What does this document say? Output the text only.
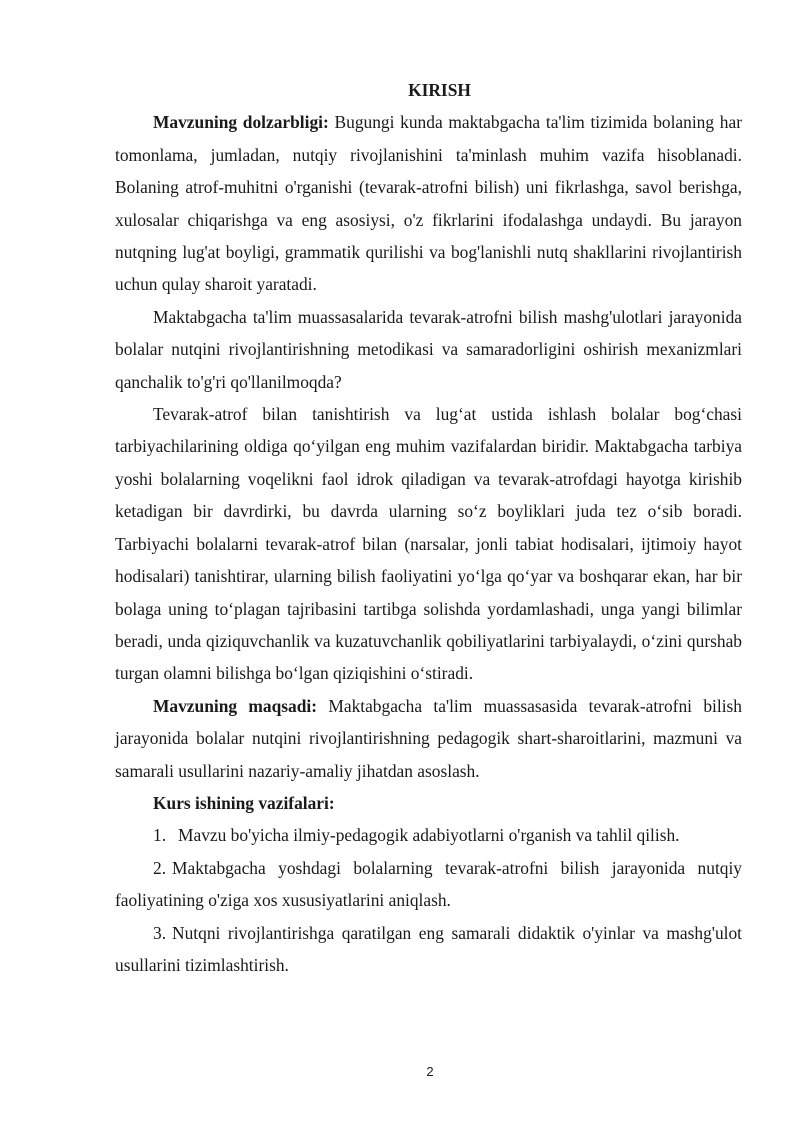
KIRISH

Mavzuning dolzarbligi: Bugungi kunda maktabgacha ta'lim tizimida bolaning har tomonlama, jumladan, nutqiy rivojlanishini ta'minlash muhim vazifa hisoblanadi. Bolaning atrof-muhitni o'rganishi (tevarak-atrofni bilish) uni fikrlashga, savol berishga, xulosalar chiqarishga va eng asosiysi, o'z fikrlarini ifodalashga undaydi. Bu jarayon nutqning lug'at boyligi, grammatik qurilishi va bog'lanishli nutq shakllarini rivojlantirish uchun qulay sharoit yaratadi.

Maktabgacha ta'lim muassasalarida tevarak-atrofni bilish mashg'ulotlari jarayonida bolalar nutqini rivojlantirishning metodikasi va samaradorligini oshirish mexanizmlari qanchalik to'g'ri qo'llanilmoqda?

Tevarak-atrof bilan tanishtirish va lug‘at ustida ishlash bolalar bog‘chasi tarbiyachilarining oldiga qo‘yilgan eng muhim vazifalardan biridir. Maktabgacha tarbiya yoshi bolalarning voqelikni faol idrok qiladigan va tevarak-atrofdagi hayotga kirishib ketadigan bir davrdirki, bu davrda ularning so‘z boyliklari juda tez o‘sib boradi. Tarbiyachi bolalarni tevarak-atrof bilan (narsalar, jonli tabiat hodisalari, ijtimoiy hayot hodisalari) tanishtirar, ularning bilish faoliyatini yo‘lga qo‘yar va boshqarar ekan, har bir bolaga uning to‘plagan tajribasini tartibga solishda yordamlashadi, unga yangi bilimlar beradi, unda qiziquvchanlik va kuzatuvchanlik qobiliyatlarini tarbiyalaydi, o‘zini qurshab turgan olamni bilishga bo‘lgan qiziqishini o‘stiradi.

Mavzuning maqsadi: Maktabgacha ta'lim muassasasida tevarak-atrofni bilish jarayonida bolalar nutqini rivojlantirishning pedagogik shart-sharoitlarini, mazmuni va samarali usullarini nazariy-amaliy jihatdan asoslash.

Kurs ishining vazifalari:

1. Mavzu bo'yicha ilmiy-pedagogik adabiyotlarni o'rganish va tahlil qilish.

2. Maktabgacha yoshdagi bolalarning tevarak-atrofni bilish jarayonida nutqiy faoliyatining o'ziga xos xususiyatlarini aniqlash.

3. Nutqni rivojlantirishga qaratilgan eng samarali didaktik o'yinlar va mashg'ulot usullarini tizimlashtirish.

2
